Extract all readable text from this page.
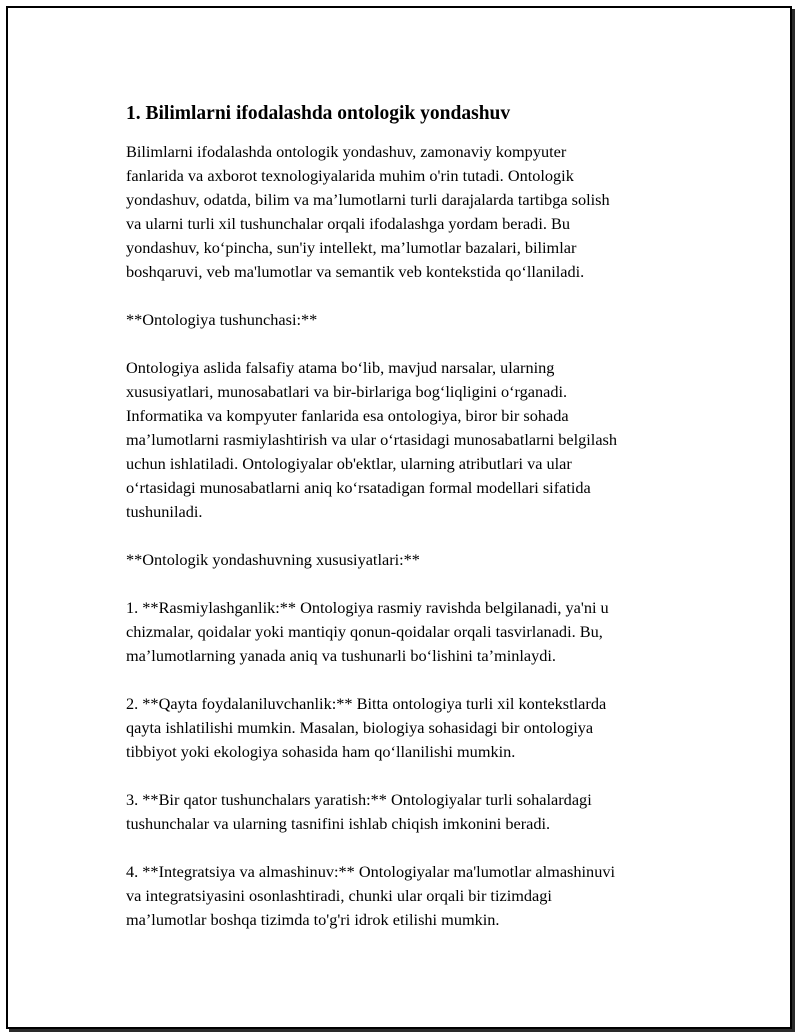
1. Bilimlarni ifodalashda ontologik yondashuv

Bilimlarni ifodalashda ontologik yondashuv, zamonaviy kompyuter
fanlarida va axborot texnologiyalarida muhim o'rin tutadi. Ontologik
yondashuv, odatda, bilim va ma’lumotlarni turli darajalarda tartibga solish
va ularni turli xil tushunchalar orqali ifodalashga yordam beradi. Bu
yondashuv, ko‘pincha, sun'iy intellekt, ma’lumotlar bazalari, bilimlar
boshqaruvi, veb ma'lumotlar va semantik veb kontekstida qo‘llaniladi.

**Ontologiya tushunchasi:**

Ontologiya aslida falsafiy atama bo‘lib, mavjud narsalar, ularning
xususiyatlari, munosabatlari va bir-birlariga bog‘liqligini o‘rganadi.
Informatika va kompyuter fanlarida esa ontologiya, biror bir sohada
ma’lumotlarni rasmiylashtirish va ular o‘rtasidagi munosabatlarni belgilash
uchun ishlatiladi. Ontologiyalar ob'ektlar, ularning atributlari va ular
o‘rtasidagi munosabatlarni aniq ko‘rsatadigan formal modellari sifatida
tushuniladi.

**Ontologik yondashuvning xususiyatlari:**

1. **Rasmiylashganlik:** Ontologiya rasmiy ravishda belgilanadi, ya'ni u
chizmalar, qoidalar yoki mantiqiy qonun-qoidalar orqali tasvirlanadi. Bu,
ma’lumotlarning yanada aniq va tushunarli bo‘lishini ta’minlaydi.

2. **Qayta foydalaniluvchanlik:** Bitta ontologiya turli xil kontekstlarda
qayta ishlatilishi mumkin. Masalan, biologiya sohasidagi bir ontologiya
tibbiyot yoki ekologiya sohasida ham qo‘llanilishi mumkin.

3. **Bir qator tushunchalars yaratish:** Ontologiyalar turli sohalardagi
tushunchalar va ularning tasnifini ishlab chiqish imkonini beradi.

4. **Integratsiya va almashinuv:** Ontologiyalar ma'lumotlar almashinuvi
va integratsiyasini osonlashtiradi, chunki ular orqali bir tizimdagi
ma’lumotlar boshqa tizimda to'g'ri idrok etilishi mumkin.
